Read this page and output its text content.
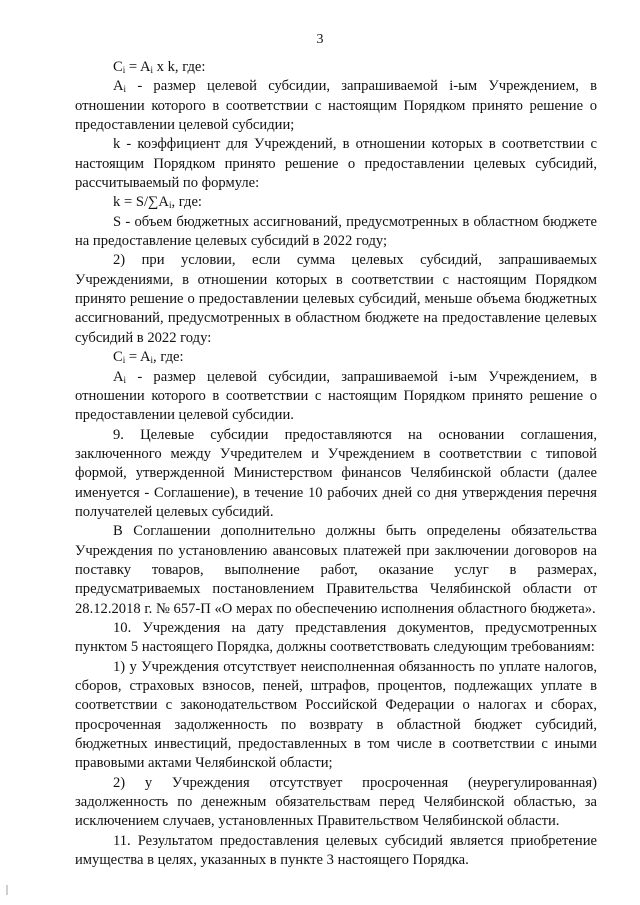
3

$C_i = A_i$ x k, где:

$A_i$ - размер целевой субсидии, запрашиваемой i-ым Учреждением, в отношении которого в соответствии с настоящим Порядком принято решение о предоставлении целевой субсидии;

k - коэффициент для Учреждений, в отношении которых в соответствии с настоящим Порядком принято решение о предоставлении целевых субсидий, рассчитываемый по формуле:

$k = S/\sum A_i$, где:

S - объем бюджетных ассигнований, предусмотренных в областном бюджете на предоставление целевых субсидий в 2022 году;

2) при условии, если сумма целевых субсидий, запрашиваемых Учреждениями, в отношении которых в соответствии с настоящим Порядком принято решение о предоставлении целевых субсидий, меньше объема бюджетных ассигнований, предусмотренных в областном бюджете на предоставление целевых субсидий в 2022 году:

$C_i = A_i$, где:

$A_i$ - размер целевой субсидии, запрашиваемой i-ым Учреждением, в отношении которого в соответствии с настоящим Порядком принято решение о предоставлении целевой субсидии.

9. Целевые субсидии предоставляются на основании соглашения, заключенного между Учредителем и Учреждением в соответствии с типовой формой, утвержденной Министерством финансов Челябинской области (далее именуется - Соглашение), в течение 10 рабочих дней со дня утверждения перечня получателей целевых субсидий.

В Соглашении дополнительно должны быть определены обязательства Учреждения по установлению авансовых платежей при заключении договоров на поставку товаров, выполнение работ, оказание услуг в размерах, предусматриваемых постановлением Правительства Челябинской области от 28.12.2018 г. № 657-П «О мерах по обеспечению исполнения областного бюджета».

10. Учреждения на дату представления документов, предусмотренных пунктом 5 настоящего Порядка, должны соответствовать следующим требованиям:

1) у Учреждения отсутствует неисполненная обязанность по уплате налогов, сборов, страховых взносов, пеней, штрафов, процентов, подлежащих уплате в соответствии с законодательством Российской Федерации о налогах и сборах, просроченная задолженность по возврату в областной бюджет субсидий, бюджетных инвестиций, предоставленных в том числе в соответствии с иными правовыми актами Челябинской области;

2) у Учреждения отсутствует просроченная (неурегулированная) задолженность по денежным обязательствам перед Челябинской областью, за исключением случаев, установленных Правительством Челябинской области.

11. Результатом предоставления целевых субсидий является приобретение имущества в целях, указанных в пункте 3 настоящего Порядка.
